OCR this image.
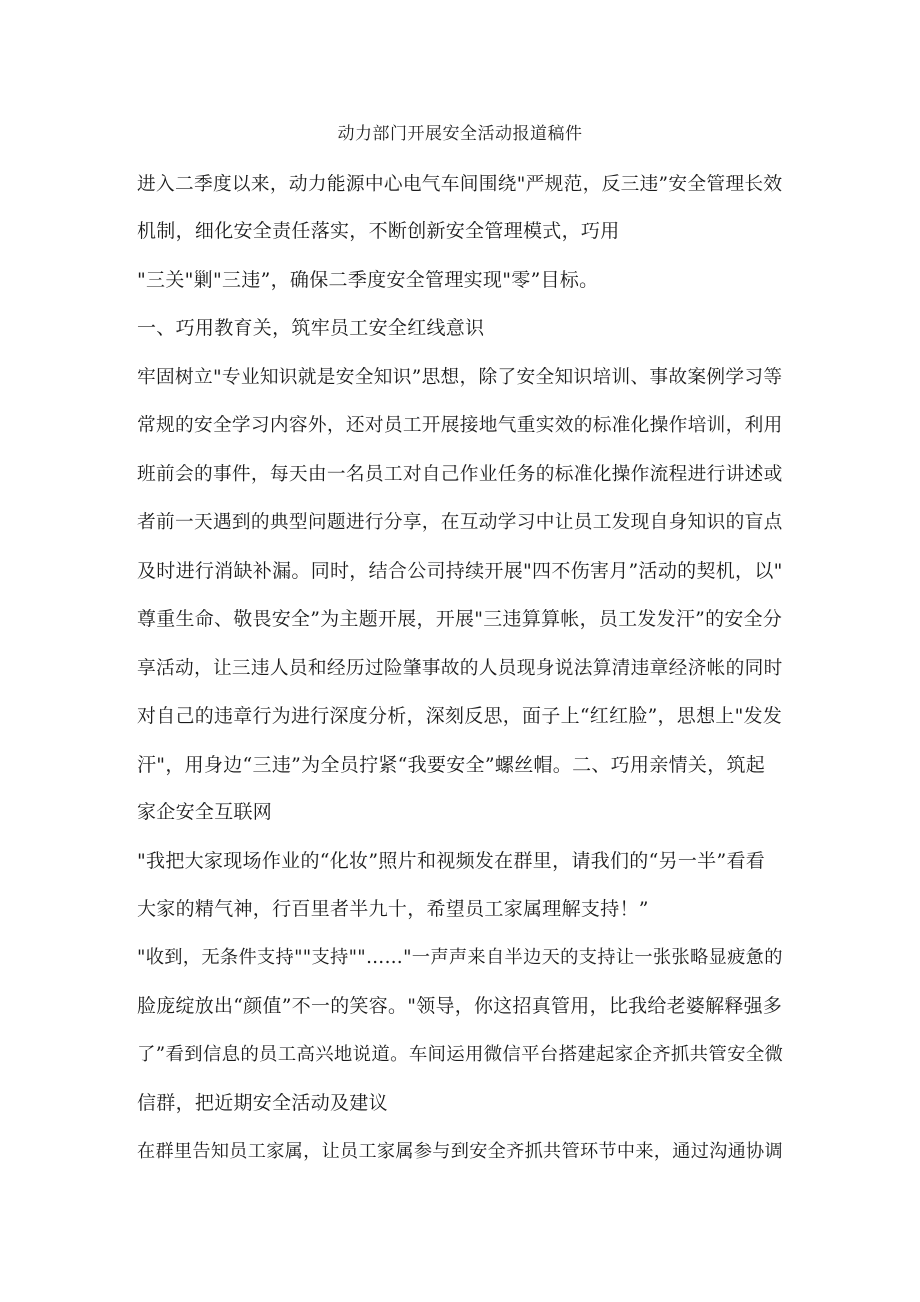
动力部门开展安全活动报道稿件
进入二季度以来，动力能源中心电气车间围绕"严规范，反三违”安全管理长效
机制，细化安全责任落实，不断创新安全管理模式，巧用
"三关"剿"三违”，确保二季度安全管理实现"零”目标。
一、巧用教育关，筑牢员工安全红线意识
牢固树立"专业知识就是安全知识”思想，除了安全知识培训、事故案例学习等
常规的安全学习内容外，还对员工开展接地气重实效的标准化操作培训，利用
班前会的事件，每天由一名员工对自己作业任务的标准化操作流程进行讲述或
者前一天遇到的典型问题进行分享，在互动学习中让员工发现自身知识的盲点
及时进行消缺补漏。同时，结合公司持续开展"四不伤害月”活动的契机，以"
尊重生命、敬畏安全”为主题开展，开展"三违算算帐，员工发发汗”的安全分
享活动，让三违人员和经历过险肇事故的人员现身说法算清违章经济帐的同时
对自己的违章行为进行深度分析，深刻反思，面子上“红红脸”，思想上"发发
汗"，用身边“三违”为全员拧紧“我要安全”螺丝帽。二、巧用亲情关，筑起
家企安全互联网
"我把大家现场作业的“化妆”照片和视频发在群里，请我们的“另一半”看看
大家的精气神，行百里者半九十，希望员工家属理解支持！”
"收到，无条件支持""支持""……"一声声来自半边天的支持让一张张略显疲惫的
脸庞绽放出“颜值”不一的笑容。"领导，你这招真管用，比我给老婆解释强多
了”看到信息的员工高兴地说道。车间运用微信平台搭建起家企齐抓共管安全微
信群，把近期安全活动及建议
在群里告知员工家属，让员工家属参与到安全齐抓共管环节中来，通过沟通协调
